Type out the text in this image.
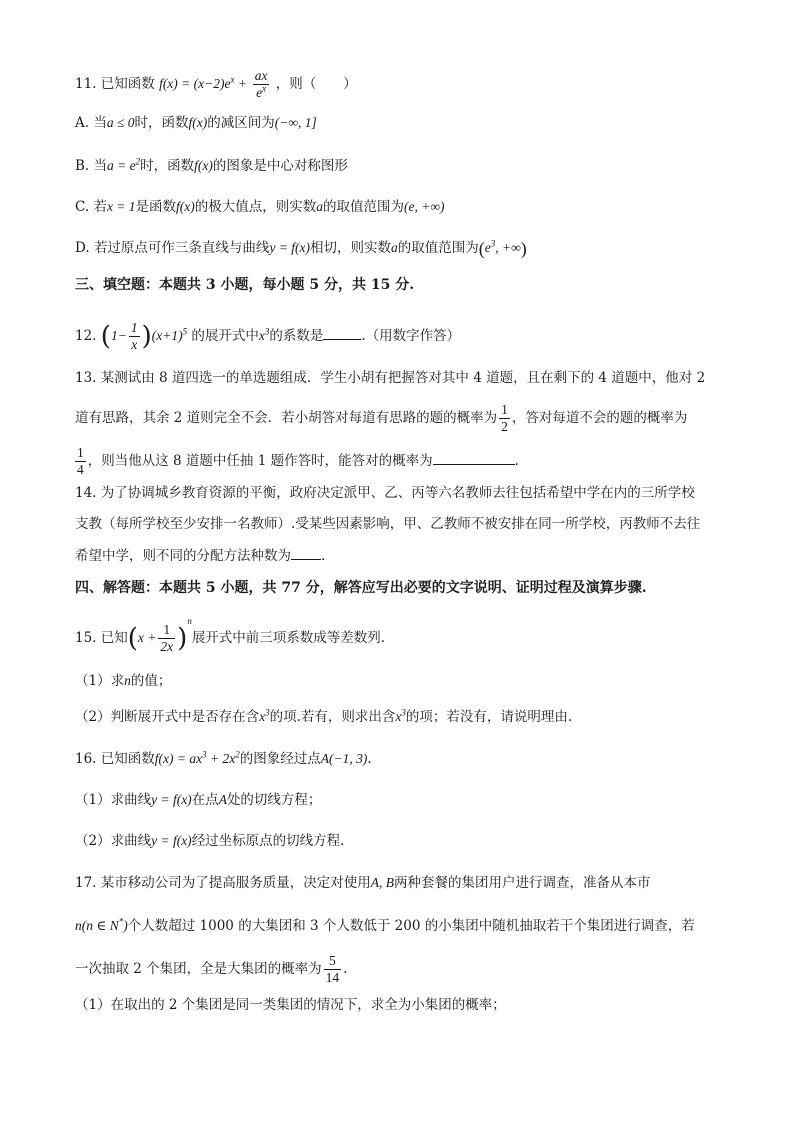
11. 已知函数 $f(x) = (x-2)e^x + \frac{ax}{e^x}$ ，则（　　）
A. 当a ≤ 0时，函数f(x)的减区间为(−∞, 1]
B. 当$a = e^2$时，函数f(x)的图象是中心对称图形
C. 若x = 1是函数f(x)的极大值点，则实数a的取值范围为(e, +∞)
D. 若过原点可作三条直线与曲线y = f(x)相切，则实数a的取值范围为($e^3$, +∞)
三、填空题：本题共 3 小题，每小题 5 分，共 15 分.
12. $(1- \frac{1}{x} )(x+1)^5$ 的展开式中$x^3$的系数是	.（用数字作答）
13. 某测试由 8 道四选一的单选题组成．学生小胡有把握答对其中 4 道题，且在剩下的 4 道题中，他对 2
道有思路，其余 2 道则完全不会．若小胡答对每道有思路的题的概率为 $\frac{1}{2}$ ，答对每道不会的题的概率为
$\frac{1}{4}$ ，则当他从这 8 道题中任抽 1 题作答时，能答对的概率为	.
14. 为了协调城乡教育资源的平衡，政府决定派甲、乙、丙等六名教师去往包括希望中学在内的三所学校
支教（每所学校至少安排一名教师）.受某些因素影响，甲、乙教师不被安排在同一所学校，丙教师不去往
希望中学，则不同的分配方法种数为 .
四、解答题：本题共 5 小题，共 77 分，解答应写出必要的文字说明、证明过程及演算步骤.
15. 已知$(x + \frac{1}{2x} )^n$展开式中前三项系数成等差数列.
（1）求n的值；
（2）判断展开式中是否存在含$x^3$的项.若有，则求出含$x^3$的项；若没有，请说明理由.
16. 已知函数$f(x) = ax^3 + 2x^2$的图象经过点A(−1, 3).
（1）求曲线y = f(x)在点A处的切线方程；
（2）求曲线y = f(x)经过坐标原点的切线方程.
17. 某市移动公司为了提高服务质量，决定对使用A, B两种套餐的集团用户进行调查，准备从本市
n(n ∈ N*)个人数超过 1000 的大集团和 3 个人数低于 200 的小集团中随机抽取若干个集团进行调查，若
一次抽取 2 个集团，全是大集团的概率为 $\frac{5}{14}$ .
（1）在取出的 2 个集团是同一类集团的情况下，求全为小集团的概率；
